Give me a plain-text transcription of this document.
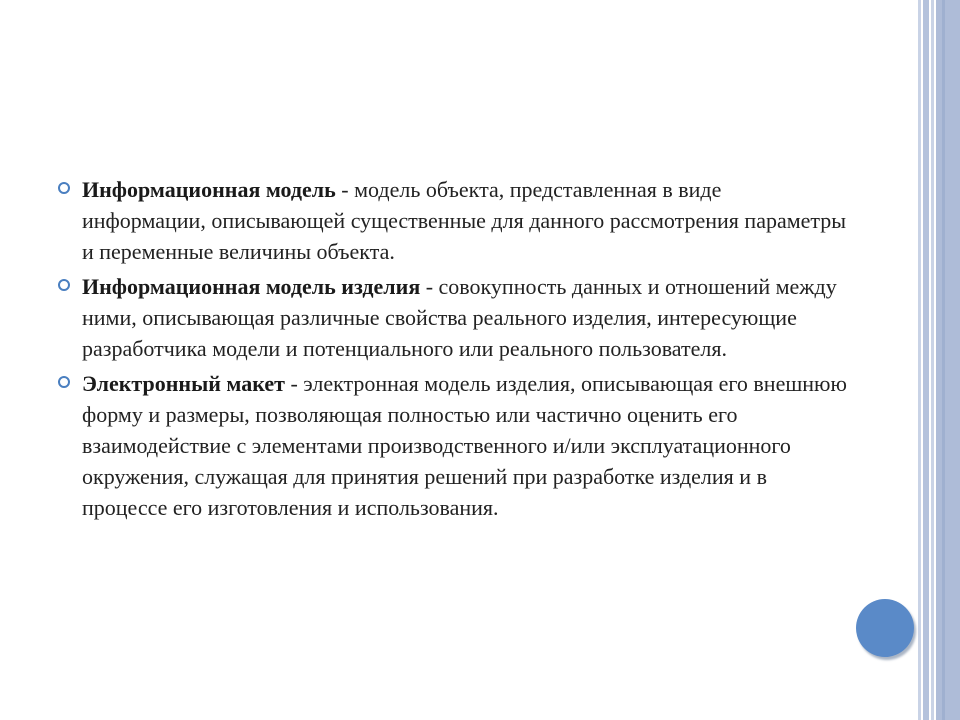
Информационная модель - модель объекта, представленная в виде информации, описывающей существенные для данного рассмотрения параметры и переменные величины объекта.
Информационная модель изделия - совокупность данных и отношений между ними, описывающая различные свойства реального изделия, интересующие разработчика модели и потенциального или реального пользователя.
Электронный макет - электронная модель изделия, описывающая его внешнюю форму и размеры, позволяющая полностью или частично оценить его взаимодействие с элементами производственного и/или эксплуатационного окружения, служащая для принятия решений при разработке изделия и в процессе его изготовления и использования.
